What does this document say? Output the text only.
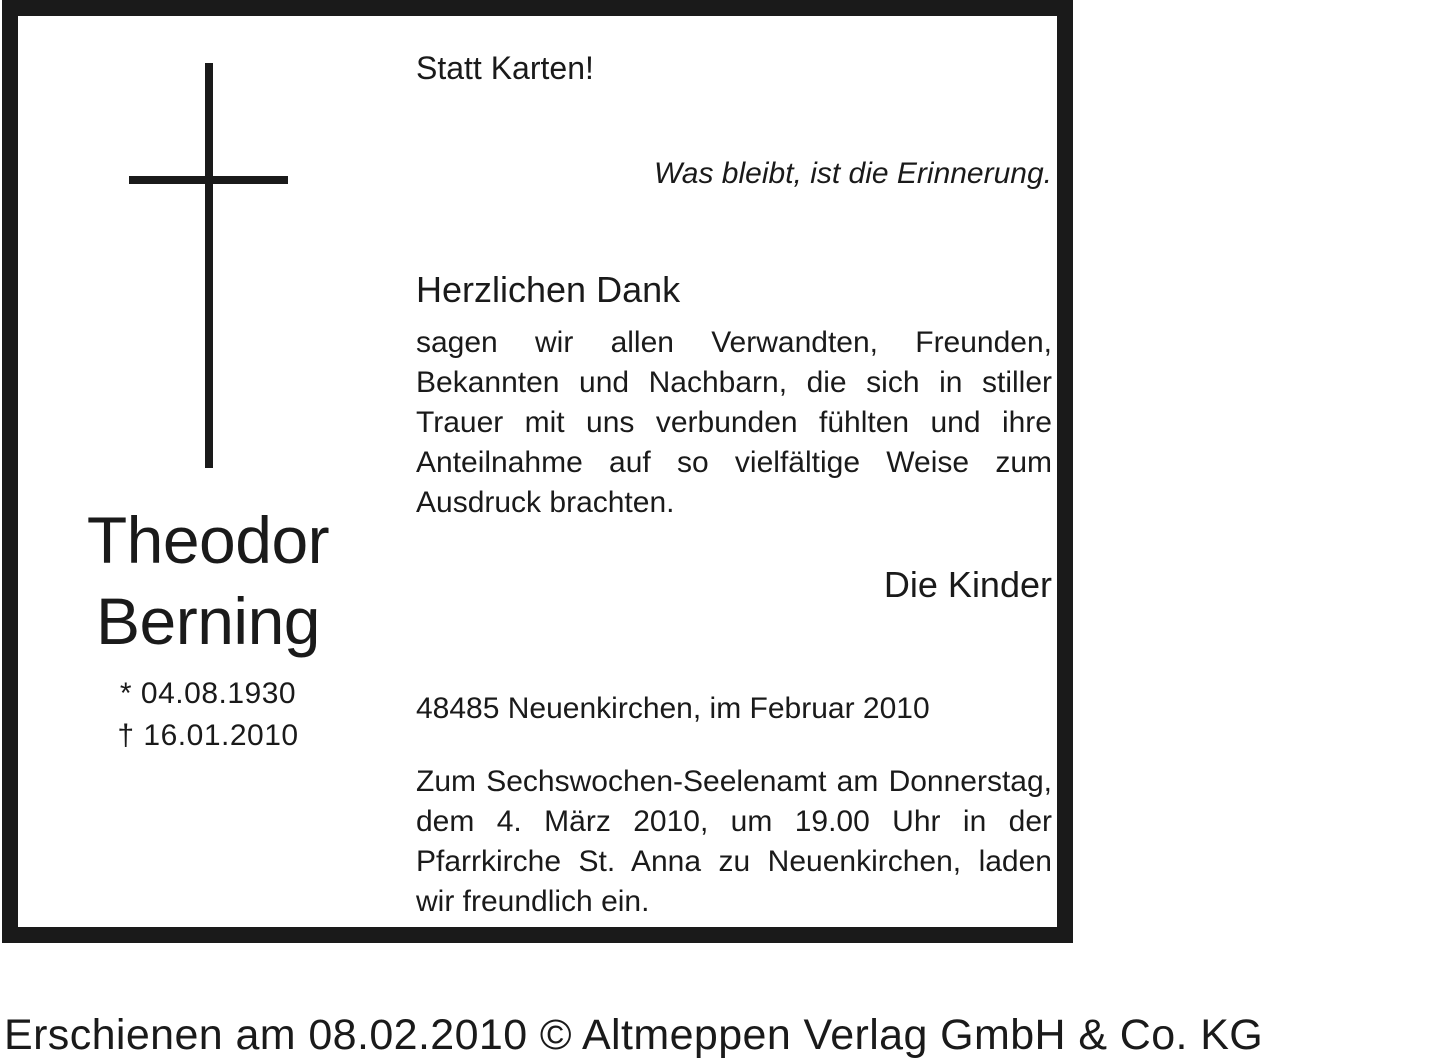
Theodor
Berning
* 04.08.1930
† 16.01.2010
Statt Karten!
Was bleibt, ist die Erinnerung.
Herzlichen Dank
sagen wir allen Verwandten, Freunden, Bekannten und Nachbarn, die sich in stiller Trauer mit uns verbunden fühlten und ihre Anteilnahme auf so vielfältige Weise zum Ausdruck brachten.
Die Kinder
48485 Neuenkirchen, im Februar 2010
Zum Sechswochen-Seelenamt am Donnerstag, dem 4. März 2010, um 19.00 Uhr in der Pfarrkirche St. Anna zu Neuenkirchen, laden wir freundlich ein.
Erschienen am 08.02.2010 © Altmeppen Verlag GmbH & Co. KG
